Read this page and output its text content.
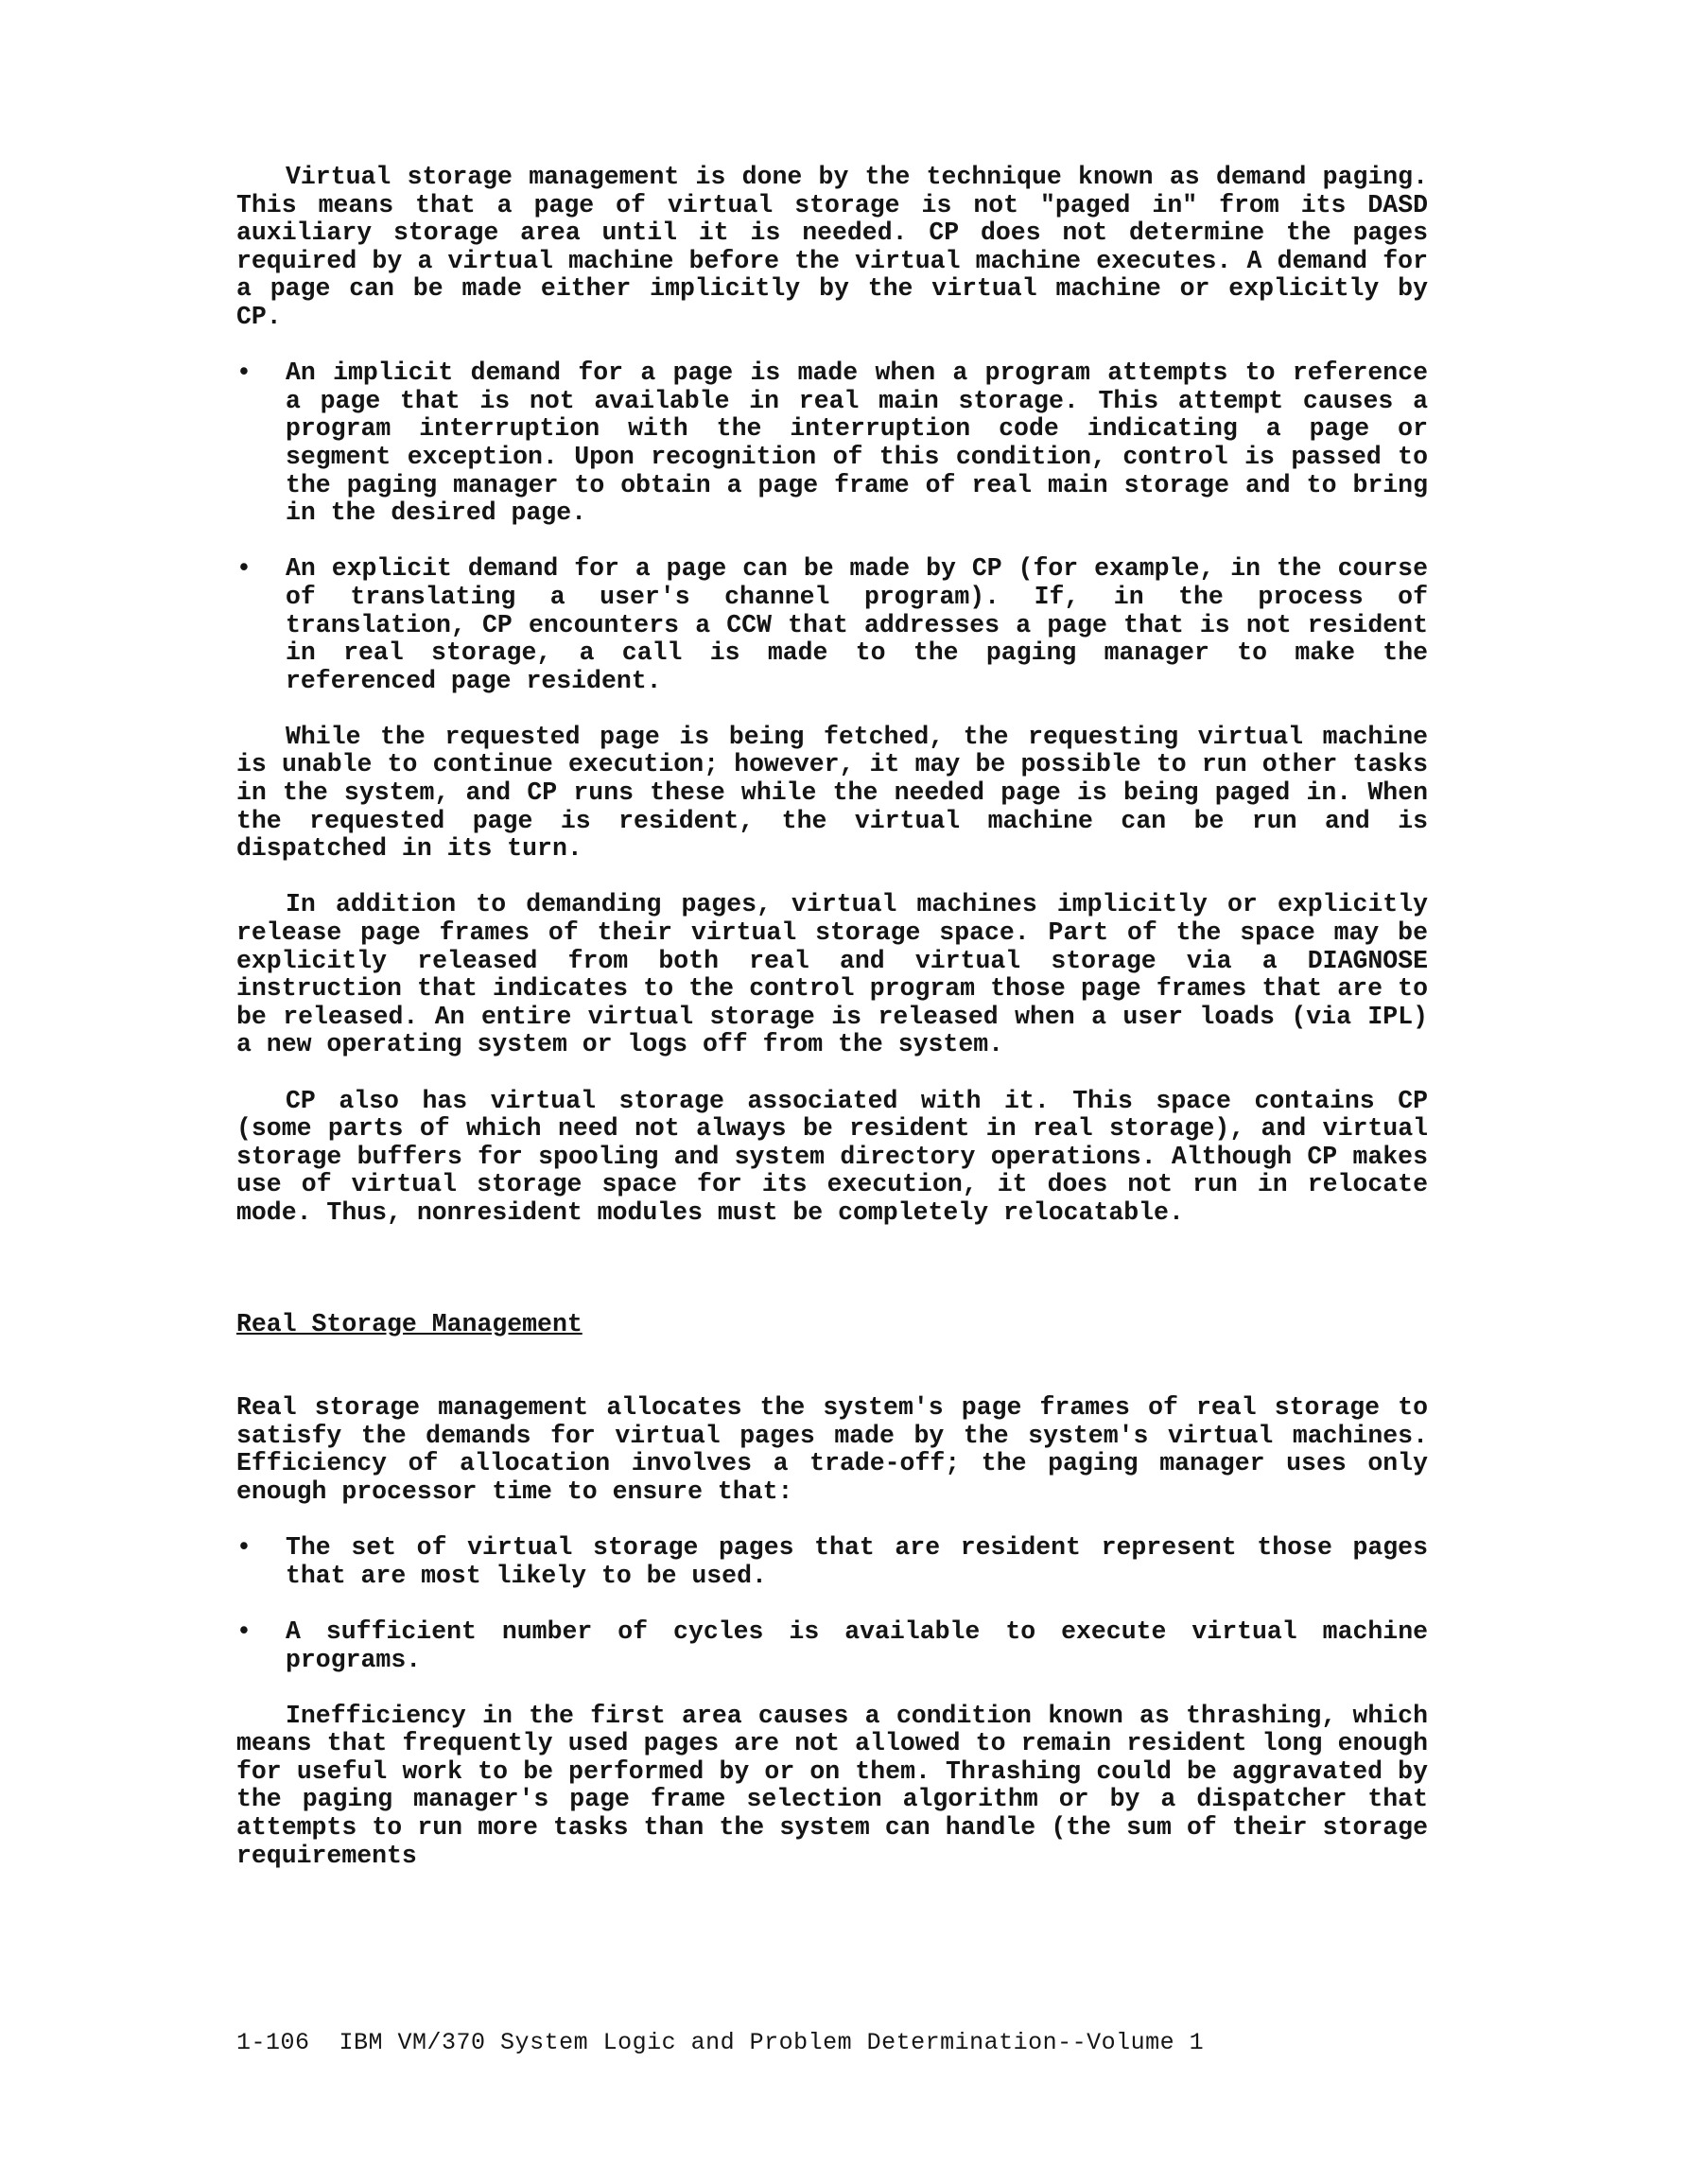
Virtual storage management is done by the technique known as demand paging. This means that a page of virtual storage is not "paged in" from its DASD auxiliary storage area until it is needed. CP does not determine the pages required by a virtual machine before the virtual machine executes. A demand for a page can be made either implicitly by the virtual machine or explicitly by CP.

• An implicit demand for a page is made when a program attempts to reference a page that is not available in real main storage. This attempt causes a program interruption with the interruption code indicating a page or segment exception. Upon recognition of this condition, control is passed to the paging manager to obtain a page frame of real main storage and to bring in the desired page.
• An explicit demand for a page can be made by CP (for example, in the course of translating a user's channel program). If, in the process of translation, CP encounters a CCW that addresses a page that is not resident in real storage, a call is made to the paging manager to make the referenced page resident.

While the requested page is being fetched, the requesting virtual machine is unable to continue execution; however, it may be possible to run other tasks in the system, and CP runs these while the needed page is being paged in. When the requested page is resident, the virtual machine can be run and is dispatched in its turn.

In addition to demanding pages, virtual machines implicitly or explicitly release page frames of their virtual storage space. Part of the space may be explicitly released from both real and virtual storage via a DIAGNOSE instruction that indicates to the control program those page frames that are to be released. An entire virtual storage is released when a user loads (via IPL) a new operating system or logs off from the system.

CP also has virtual storage associated with it. This space contains CP (some parts of which need not always be resident in real storage), and virtual storage buffers for spooling and system directory operations. Although CP makes use of virtual storage space for its execution, it does not run in relocate mode. Thus, nonresident modules must be completely relocatable.

Real Storage Management

Real storage management allocates the system's page frames of real storage to satisfy the demands for virtual pages made by the system's virtual machines. Efficiency of allocation involves a trade-off; the paging manager uses only enough processor time to ensure that:

• The set of virtual storage pages that are resident represent those pages that are most likely to be used.
• A sufficient number of cycles is available to execute virtual machine programs.

Inefficiency in the first area causes a condition known as thrashing, which means that frequently used pages are not allowed to remain resident long enough for useful work to be performed by or on them. Thrashing could be aggravated by the paging manager's page frame selection algorithm or by a dispatcher that attempts to run more tasks than the system can handle (the sum of their storage requirements

1-106 IBM VM/370 System Logic and Problem Determination--Volume 1
